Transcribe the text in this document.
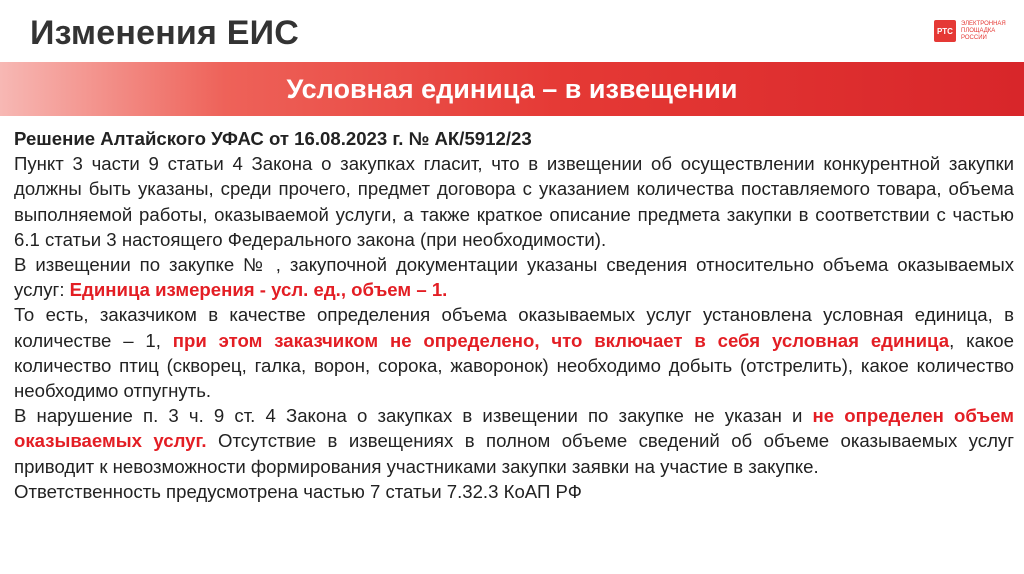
Изменения ЕИС	РТС
ЭЛЕКТРОННАЯ ПЛОЩАДКА РОССИИ
Условная единица – в извещении

Решение Алтайского УФАС от 16.08.2023 г. № АК/5912/23

Пункт 3 части 9 статьи 4 Закона о закупках гласит, что в извещении об осуществлении конкурентной закупки должны быть указаны, среди прочего, предмет договора с указанием количества поставляемого товара, объема выполняемой работы, оказываемой услуги, а также краткое описание предмета закупки в соответствии с частью 6.1 статьи 3 настоящего Федерального закона (при необходимости).

В извещении по закупке № , закупочной документации указаны сведения относительно объема оказываемых услуг: Единица измерения - усл. ед., объем – 1.

То есть, заказчиком в качестве определения объема оказываемых услуг установлена условная единица, в количестве – 1, при этом заказчиком не определено, что включает в себя условная единица, какое количество птиц (скворец, галка, ворон, сорока, жаворонок) необходимо добыть (отстрелить), какое количество необходимо отпугнуть.

В нарушение п. 3 ч. 9 ст. 4 Закона о закупках в извещении по закупке не указан и не определен объем оказываемых услуг. Отсутствие в извещениях в полном объеме сведений об объеме оказываемых услуг приводит к невозможности формирования участниками закупки заявки на участие в закупке.

Ответственность предусмотрена частью 7 статьи 7.32.3 КоАП РФ
